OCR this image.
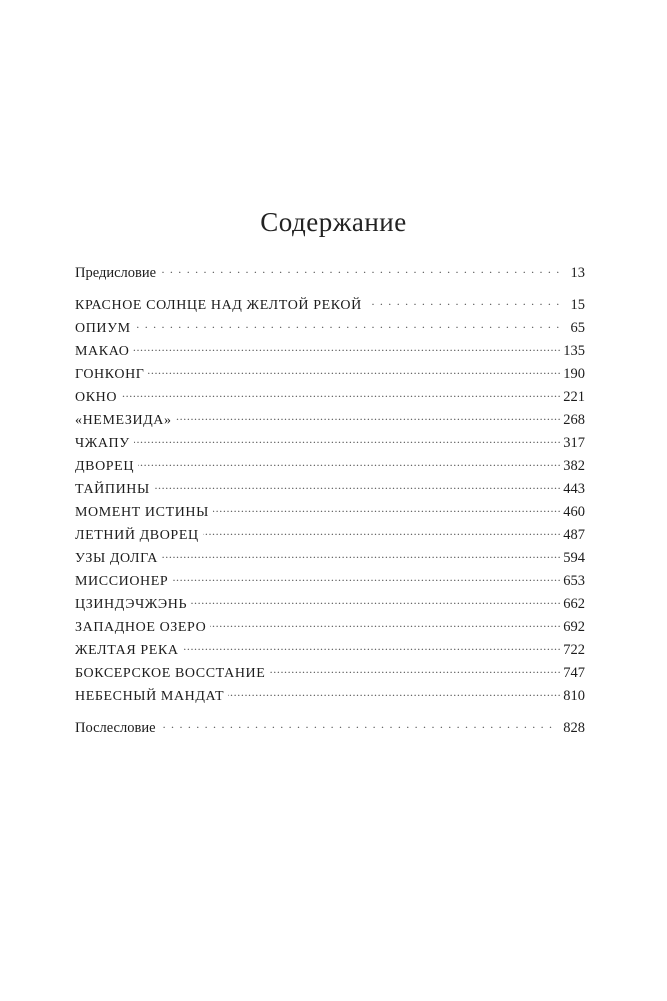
Содержание
Предисловие . . .	13
КРАСНОЕ СОЛНЦЕ НАД ЖЕЛТОЙ РЕКОЙ . . .	15
ОПИУМ . . .	65
МАКАО .....	135
ГОНКОНГ .....	190
ОКНО .....	221
«НЕМЕЗИДА» .....	268
ЧЖАПУ .....	317
ДВОРЕЦ .....	382
ТАЙПИНЫ .....	443
МОМЕНТ ИСТИНЫ .....	460
ЛЕТНИЙ ДВОРЕЦ .....	487
УЗЫ ДОЛГА .....	594
МИССИОНЕР .....	653
ЦЗИНДЭЧЖЭНЬ .....	662
ЗАПАДНОЕ ОЗЕРО .....	692
ЖЕЛТАЯ РЕКА .....	722
БОКСЕРСКОЕ ВОССТАНИЕ .....	747
НЕБЕСНЫЙ МАНДАТ .....	810
Послесловие . . .	828
